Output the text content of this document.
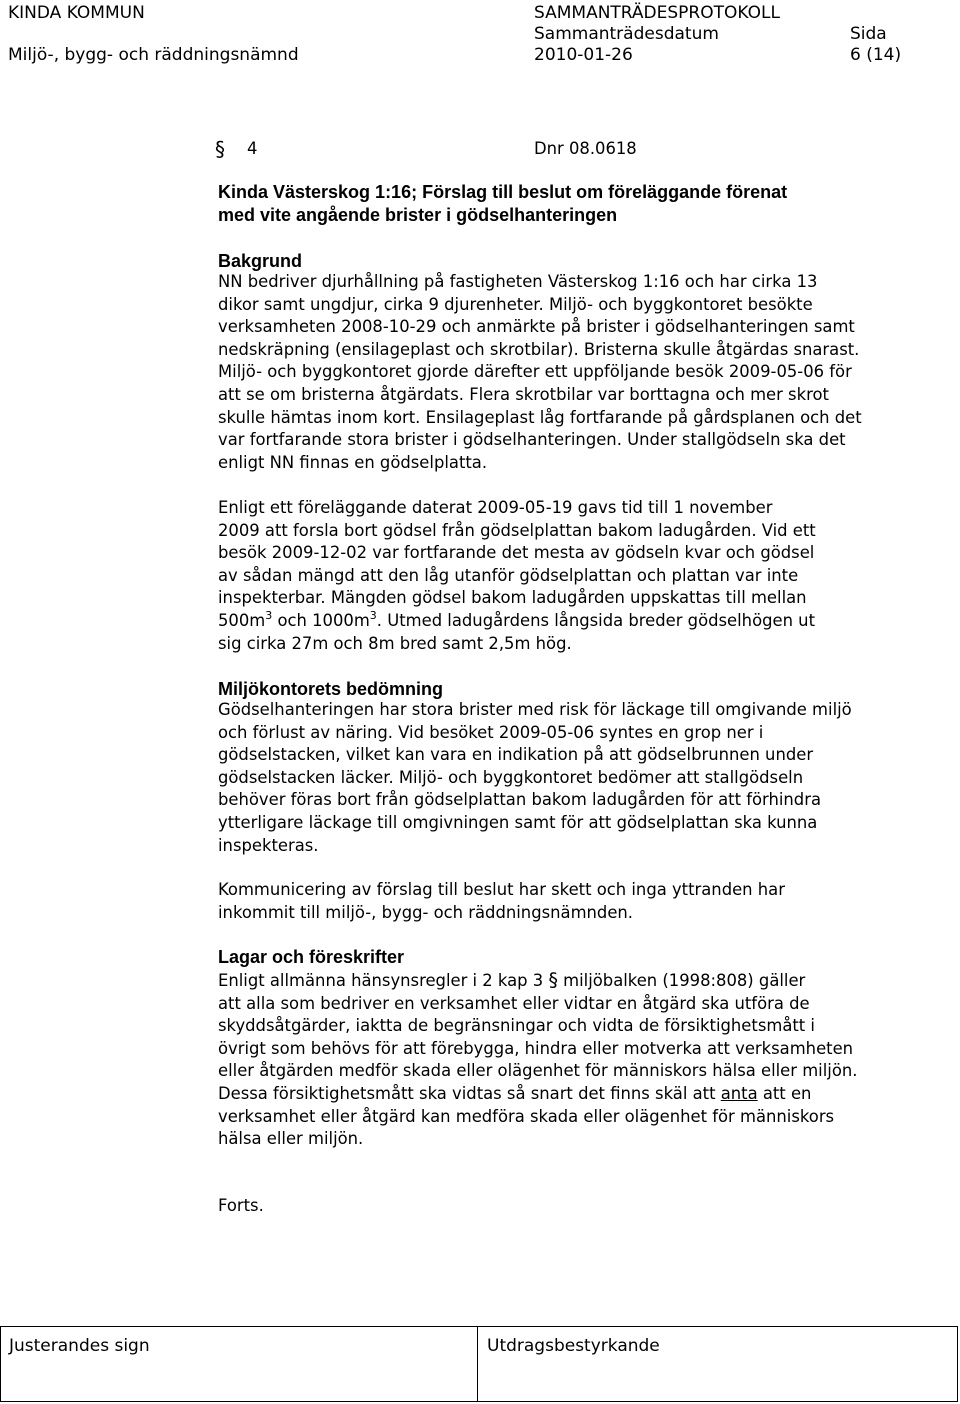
KINDA KOMMUN
Miljö-, bygg- och räddningsnämnd
SAMMANTRÄDESPROTOKOLL
Sammanträdesdatum
2010-01-26
Sida
6 (14)
§ 4	Dnr 08.0618
Kinda Västerskog 1:16; Förslag till beslut om föreläggande förenat
med vite angående brister i gödselhanteringen
Bakgrund
NN bedriver djurhållning på fastigheten Västerskog 1:16 och har cirka 13
dikor samt ungdjur, cirka 9 djurenheter. Miljö- och byggkontoret besökte
verksamheten 2008-10-29 och anmärkte på brister i gödselhanteringen samt
nedskräpning (ensilageplast och skrotbilar). Bristerna skulle åtgärdas snarast.
Miljö- och byggkontoret gjorde därefter ett uppföljande besök 2009-05-06 för
att se om bristerna åtgärdats. Flera skrotbilar var borttagna och mer skrot
skulle hämtas inom kort. Ensilageplast låg fortfarande på gårdsplanen och det
var fortfarande stora brister i gödselhanteringen. Under stallgödseln ska det
enligt NN finnas en gödselplatta.
Enligt ett föreläggande daterat 2009-05-19 gavs tid till 1 november
2009 att forsla bort gödsel från gödselplattan bakom ladugården. Vid ett
besök 2009-12-02 var fortfarande det mesta av gödseln kvar och gödsel
av sådan mängd att den låg utanför gödselplattan och plattan var inte
inspekterbar. Mängden gödsel bakom ladugården uppskattas till mellan
$500m^3$ och $1000m^3$. Utmed ladugårdens långsida breder gödselhögen ut
sig cirka 27m och 8m bred samt 2,5m hög.
Miljökontorets bedömning
Gödselhanteringen har stora brister med risk för läckage till omgivande miljö
och förlust av näring. Vid besöket 2009-05-06 syntes en grop ner i
gödselstacken, vilket kan vara en indikation på att gödselbrunnen under
gödselstacken läcker. Miljö- och byggkontoret bedömer att stallgödseln
behöver föras bort från gödselplattan bakom ladugården för att förhindra
ytterligare läckage till omgivningen samt för att gödselplattan ska kunna
inspekteras.
Kommunicering av förslag till beslut har skett och inga yttranden har
inkommit till miljö-, bygg- och räddningsnämnden.
Lagar och föreskrifter
Enligt allmänna hänsynsregler i 2 kap 3 § miljöbalken (1998:808) gäller
att alla som bedriver en verksamhet eller vidtar en åtgärd ska utföra de
skyddsåtgärder, iaktta de begränsningar och vidta de försiktighetsmått i
övrigt som behövs för att förebygga, hindra eller motverka att verksamheten
eller åtgärden medför skada eller olägenhet för människors hälsa eller miljön.
Dessa försiktighetsmått ska vidtas så snart det finns skäl att anta att en
verksamhet eller åtgärd kan medföra skada eller olägenhet för människors
hälsa eller miljön.
Forts.
Justerandes sign	Utdragsbestyrkande
